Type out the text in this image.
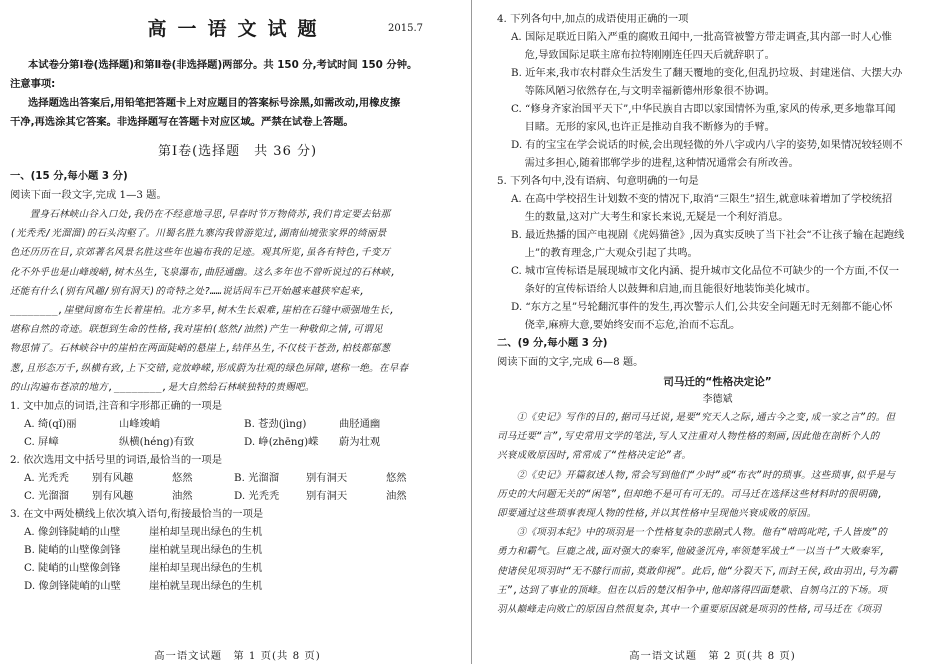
高一语文试题	2015.7
本试卷分第Ⅰ卷(选择题)和第Ⅱ卷(非选择题)两部分。共 150 分,考试时间 150 分钟。
注意事项:
选择题选出答案后,用铅笔把答题卡上对应题目的答案标号涂黑,如需改动,用橡皮擦
干净,再选涂其它答案。非选择题写在答题卡对应区域。严禁在试卷上答题。
第Ⅰ卷(选择题　共 36 分)
一、(15 分,每小题 3 分)
阅读下面一段文字,完成 1—3 题。
　　置身石林峡山谷入口处,我仍在不经意地寻思,早春时节万物倚苏,我们肯定要去钻那
(光秃秃/光溜溜)的石头沟壑了。川蜀名胜九寨沟我曾游览过,湖南仙境张家界的绮丽景
色还历历在目,京郊著名风景名胜这些年也遍布我的足迹。观其所览,虽各有特色,千变万
化不外乎也是山峰竣峭,树木丛生,飞泉瀑布,曲胫通幽。这么多年也不曾听说过的石林峡,
还能有什么(别有风趣/别有洞天)的奇特之处?……说话间车已开始越来越狭窄起来,
________,崖壁间窗布生长着崖柏。北方多旱,树木生长艰难,崖柏在石缝中顽强地生长,
堪称自然的奇迹。联想到生命的性格,我对崖柏(悠然/油然)产生一种敬仰之情,可谓见
物思情了。石林峡谷中的崖柏在两面陡峭的悬崖上,结伴丛生,不仅枝干苍劲,柏枝都郁葱
葱,且形态万千,纵横有致,上下交错,竞放峥嵘,形成蔚为壮观的绿色屏障,堪称一绝。在早春
的山沟遍布苍凉的地方,________,是大自然给石林峡独特的贵赐吧。
1. 文中加点的词语,注音和字形都正确的一项是
A. 绮(qǐ)丽	山峰竣峭	B. 苍劲(jìng)	曲胫通幽
C. 屏嶂	纵横(héng)有致	D. 峥(zhēng)嵘 蔚为壮观
2. 依次选用文中括号里的词语,最恰当的一项是
A. 光秃秃 别有风趣	悠然	B. 光溜溜	别有洞天	悠然
C. 光溜溜 别有风趣	油然	D. 光秃秃	别有洞天	油然
3. 在文中两处横线上依次填入语句,衔接最恰当的一项是
A. 像剑锋陡峭的山壁	崖柏却呈现出绿色的生机
B. 陡峭的山壁像剑锋	崖柏就呈现出绿色的生机
C. 陡峭的山壁像剑锋	崖柏却呈现出绿色的生机
D. 像剑锋陡峭的山壁	崖柏就呈现出绿色的生机
高一语文试题　第 1 页(共 8 页)
4. 下列各句中,加点的成语使用正确的一项
A. 国际足联近日陷入严重的腐败丑闻中,一批高管被警方带走调查,其内部一时人心惟
　 危,导致国际足联主席布拉特刚刚连任四天后就辞职了。
B. 近年来,我市农村群众生活发生了翻天覆地的变化,但乱扔垃圾、封建迷信、大摆大办
　 等陈风陋习依然存在,与文明幸福新德州形象很不协调。
C. “修身齐家治国平天下”,中华民族自古即以家国情怀为重,家风的传承,更多地靠耳闻
　 目睹。无形的家风,也许正是推动自我不断修为的手臂。
D. 有的宝宝在学会说话的时候,会出现轻微的外八字或内八字的姿势,如果情况较轻则不
　 需过多担心,随着邯郸学步的进程,这种情况通常会有所改善。
5. 下列各句中,没有语病、句意明确的一句是
A. 在高中学校招生计划数不变的情况下,取消“三限生”招生,就意味着增加了学校统招
　 生的数量,这对广大考生和家长来说,无疑是一个利好消息。
B. 最近热播的国产电视剧《虎妈猫爸》,因为真实反映了当下社会“不让孩子输在起跑线
　 上”的教育理念,广大观众引起了共鸣。
C. 城市宣传标语是展现城市文化内涵、提升城市文化品位不可缺少的一个方面,不仅一
　 条好的宣传标语给人以鼓舞和启迪,而且能很好地装饰美化城市。
D. “东方之星”号轮翻沉事件的发生,再次警示人们,公共安全问题无时无刻都不能心怀
　 侥幸,麻痹大意,要始终安而不忘危,治而不忘乱。
二、(9 分,每小题 3 分)
阅读下面的文字,完成 6—8 题。
司马迁的“性格决定论”
李德斌
　　①《史记》写作的目的,据司马迁说,是要“究天人之际,通古今之变,成一家之言”的。但
司马迁要“言”,写史常用文学的笔法,写人又注重对人物性格的刻画,因此他在剖析个人的
兴衰成败原因时,常常成了“性格决定论”者。
　　②《史记》开篇叙述人物,常会写到他们“少时”或“布衣”时的琐事。这些琐事,似乎是与
历史的大问题无关的“闲笔”,但却绝不是可有可无的。司马迁在选择这些材料时的很明确,
即要通过这些琐事表现人物的性格,并以其性格中呈现他兴衰成败的原因。
　　③《项羽本纪》中的项羽是一个性格复杂的悲剧式人物。他有“喑呜叱咤,千人皆废”的
勇力和霸气。巨鹿之战,面对强大的秦军,他破釜沉舟,率领楚军战士“一以当十”大败秦军,
使诸侯见项羽时“无不膝行而前,莫敢仰视”。此后,他“分裂天下,而封王侯,政由羽出,号为霸
王”,达到了事业的顶峰。但在以后的楚汉相争中,他却落得四面楚歌、自刎乌江的下场。项
羽从巅峰走向败亡的原因自然很复杂,其中一个重要原因就是项羽的性格,司马迁在《项羽
高一语文试题　第 2 页(共 8 页)
